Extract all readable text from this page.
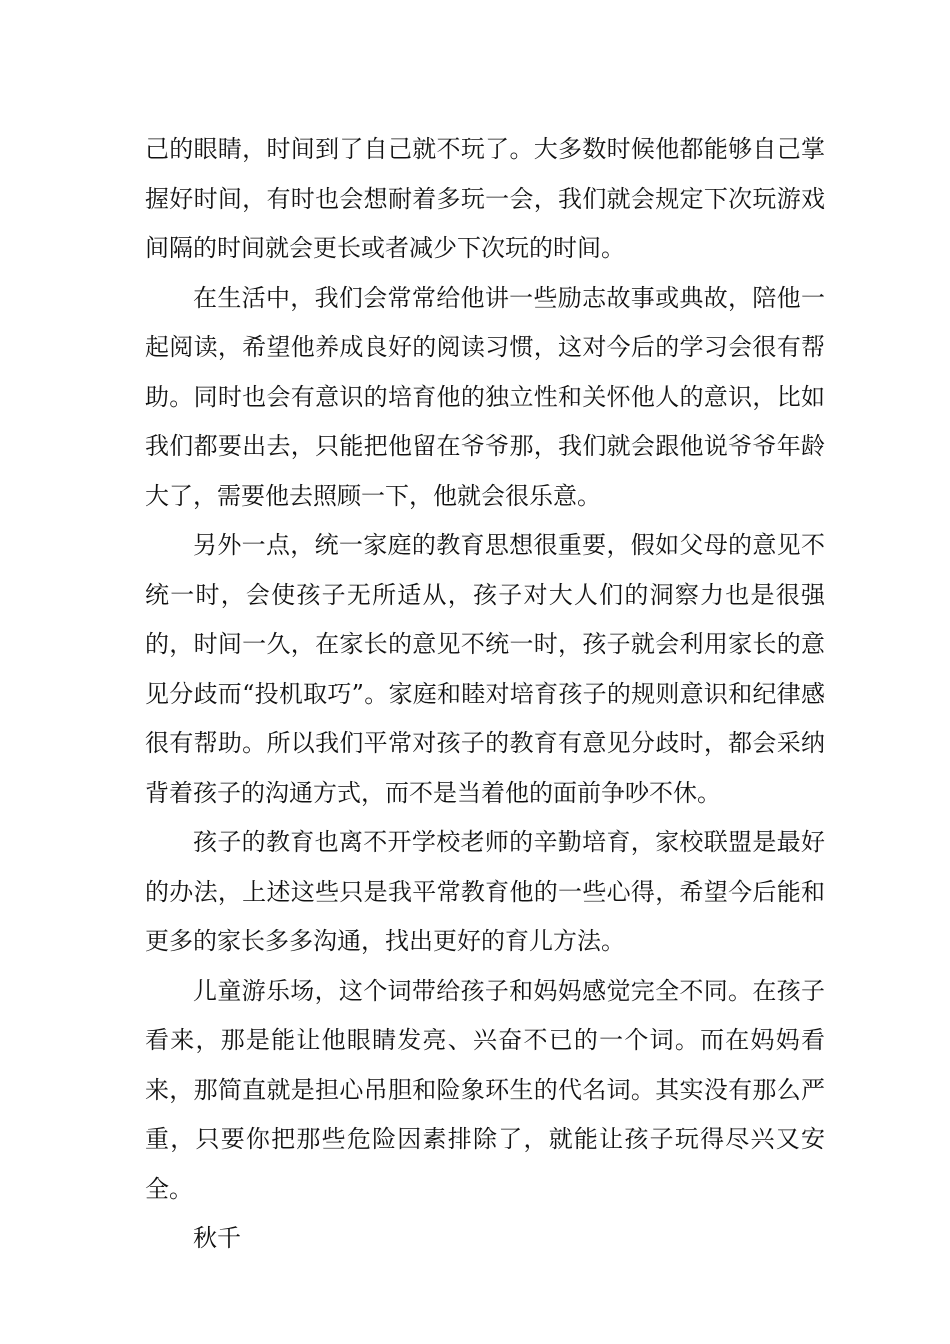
己的眼睛，时间到了自己就不玩了。大多数时候他都能够自己掌握好时间，有时也会想耐着多玩一会，我们就会规定下次玩游戏间隔的时间就会更长或者减少下次玩的时间。

在生活中，我们会常常给他讲一些励志故事或典故，陪他一起阅读，希望他养成良好的阅读习惯，这对今后的学习会很有帮助。同时也会有意识的培育他的独立性和关怀他人的意识，比如我们都要出去，只能把他留在爷爷那，我们就会跟他说爷爷年龄大了，需要他去照顾一下，他就会很乐意。

另外一点，统一家庭的教育思想很重要，假如父母的意见不统一时，会使孩子无所适从，孩子对大人们的洞察力也是很强的，时间一久，在家长的意见不统一时，孩子就会利用家长的意见分歧而“投机取巧”。家庭和睦对培育孩子的规则意识和纪律感很有帮助。所以我们平常对孩子的教育有意见分歧时，都会采纳背着孩子的沟通方式，而不是当着他的面前争吵不休。

孩子的教育也离不开学校老师的辛勤培育，家校联盟是最好的办法，上述这些只是我平常教育他的一些心得，希望今后能和更多的家长多多沟通，找出更好的育儿方法。

儿童游乐场，这个词带给孩子和妈妈感觉完全不同。在孩子看来，那是能让他眼睛发亮、兴奋不已的一个词。而在妈妈看来，那简直就是担心吊胆和险象环生的代名词。其实没有那么严重，只要你把那些危险因素排除了，就能让孩子玩得尽兴又安全。

秋千
